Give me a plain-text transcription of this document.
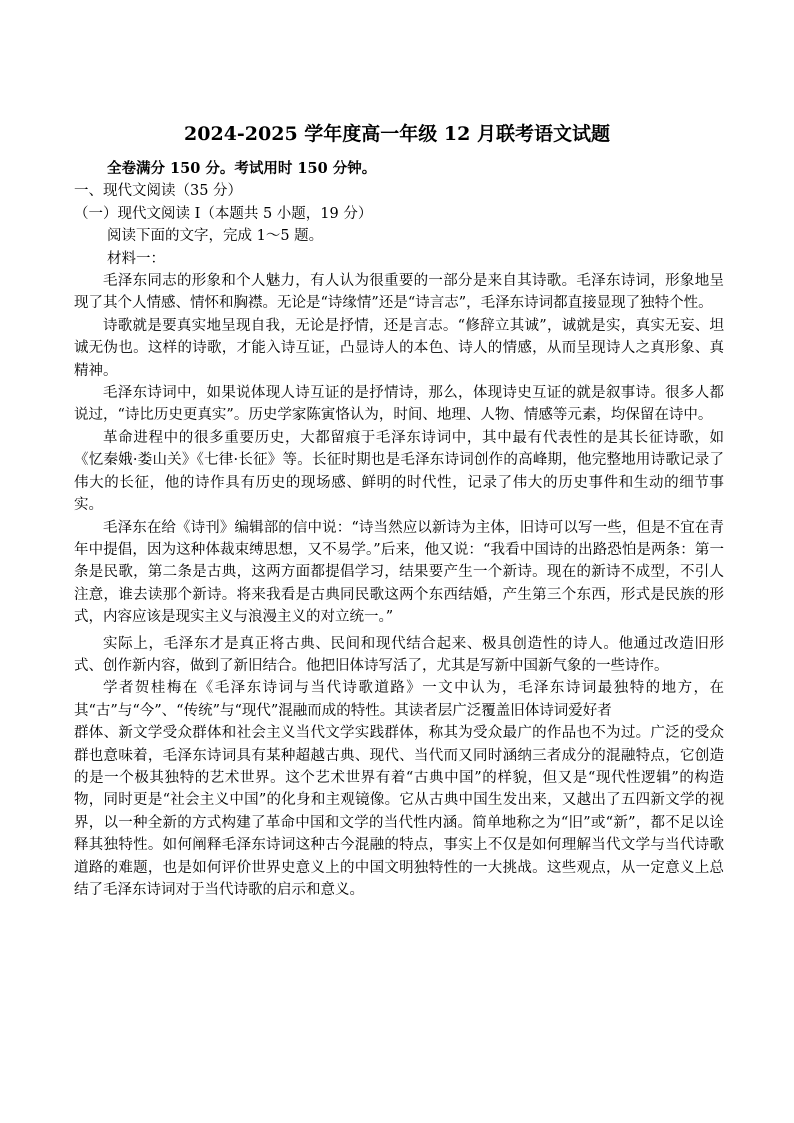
2024-2025 学年度高一年级 12 月联考语文试题

全卷满分 150 分。考试用时 150 分钟。

一、现代文阅读（35 分）

（一）现代文阅读 I（本题共 5 小题，19 分）

阅读下面的文字，完成 1～5 题。

材料一：

毛泽东同志的形象和个人魅力，有人认为很重要的一部分是来自其诗歌。毛泽东诗词，形象地呈现了其个人情感、情怀和胸襟。无论是“诗缘情”还是“诗言志”，毛泽东诗词都直接显现了独特个性。

诗歌就是要真实地呈现自我，无论是抒情，还是言志。“修辞立其诚”，诚就是实，真实无妄、坦诚无伪也。这样的诗歌，才能入诗互证，凸显诗人的本色、诗人的情感，从而呈现诗人之真形象、真精神。

毛泽东诗词中，如果说体现人诗互证的是抒情诗，那么，体现诗史互证的就是叙事诗。很多人都说过，“诗比历史更真实”。历史学家陈寅恪认为，时间、地理、人物、情感等元素，均保留在诗中。

革命进程中的很多重要历史，大都留痕于毛泽东诗词中，其中最有代表性的是其长征诗歌，如《忆秦娥·娄山关》《七律·长征》等。长征时期也是毛泽东诗词创作的高峰期，他完整地用诗歌记录了伟大的长征，他的诗作具有历史的现场感、鲜明的时代性，记录了伟大的历史事件和生动的细节事实。

毛泽东在给《诗刊》编辑部的信中说：“诗当然应以新诗为主体，旧诗可以写一些，但是不宜在青年中提倡，因为这种体裁束缚思想，又不易学。”后来，他又说：“我看中国诗的出路恐怕是两条：第一条是民歌，第二条是古典，这两方面都提倡学习，结果要产生一个新诗。现在的新诗不成型，不引人注意，谁去读那个新诗。将来我看是古典同民歌这两个东西结婚，产生第三个东西，形式是民族的形式，内容应该是现实主义与浪漫主义的对立统一。”

实际上，毛泽东才是真正将古典、民间和现代结合起来、极具创造性的诗人。他通过改造旧形式、创作新内容，做到了新旧结合。他把旧体诗写活了，尤其是写新中国新气象的一些诗作。

学者贺桂梅在《毛泽东诗词与当代诗歌道路》一文中认为，毛泽东诗词最独特的地方，在其“古”与“今”、“传统”与“现代”混融而成的特性。其读者层广泛覆盖旧体诗词爱好者

群体、新文学受众群体和社会主义当代文学实践群体，称其为受众最广的作品也不为过。广泛的受众群也意味着，毛泽东诗词具有某种超越古典、现代、当代而又同时涵纳三者成分的混融特点，它创造的是一个极其独特的艺术世界。这个艺术世界有着“古典中国”的样貌，但又是“现代性逻辑”的构造物，同时更是“社会主义中国”的化身和主观镜像。它从古典中国生发出来，又越出了五四新文学的视界，以一种全新的方式构建了革命中国和文学的当代性内涵。简单地称之为“旧”或“新”，都不足以诠释其独特性。如何阐释毛泽东诗词这种古今混融的特点，事实上不仅是如何理解当代文学与当代诗歌道路的难题，也是如何评价世界史意义上的中国文明独特性的一大挑战。这些观点，从一定意义上总结了毛泽东诗词对于当代诗歌的启示和意义。
